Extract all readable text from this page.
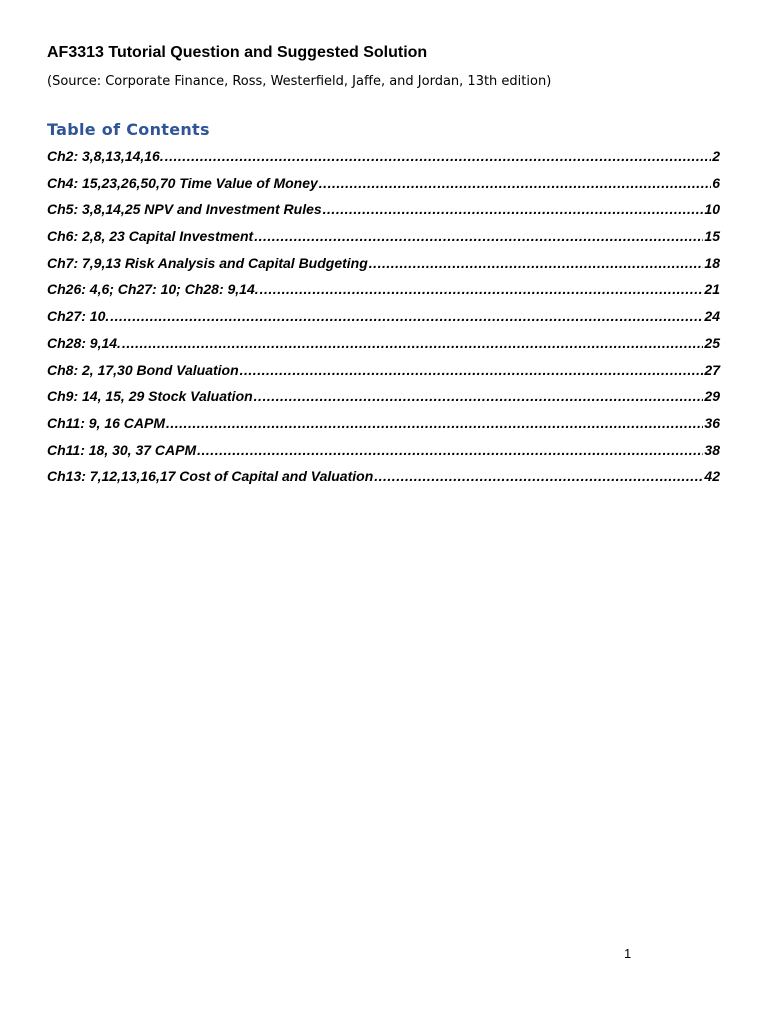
AF3313 Tutorial Question and Suggested Solution
(Source: Corporate Finance, Ross, Westerfield, Jaffe, and Jordan, 13th edition)
Table of Contents
Ch2: 3,8,13,14,16. .....	2
Ch4: 15,23,26,50,70 Time Value of Money .....	6
Ch5: 3,8,14,25 NPV and Investment Rules .....	10
Ch6: 2,8, 23 Capital Investment .....	15
Ch7: 7,9,13 Risk Analysis and Capital Budgeting .....	18
Ch26: 4,6; Ch27: 10; Ch28: 9,14. .....	21
Ch27: 10. .....	24
Ch28: 9,14. .....	25
Ch8: 2, 17,30 Bond Valuation .....	27
Ch9: 14, 15, 29 Stock Valuation .....	29
Ch11: 9, 16 CAPM .....	36
Ch11: 18, 30, 37 CAPM .....	38
Ch13: 7,12,13,16,17 Cost of Capital and Valuation .....	42
1
